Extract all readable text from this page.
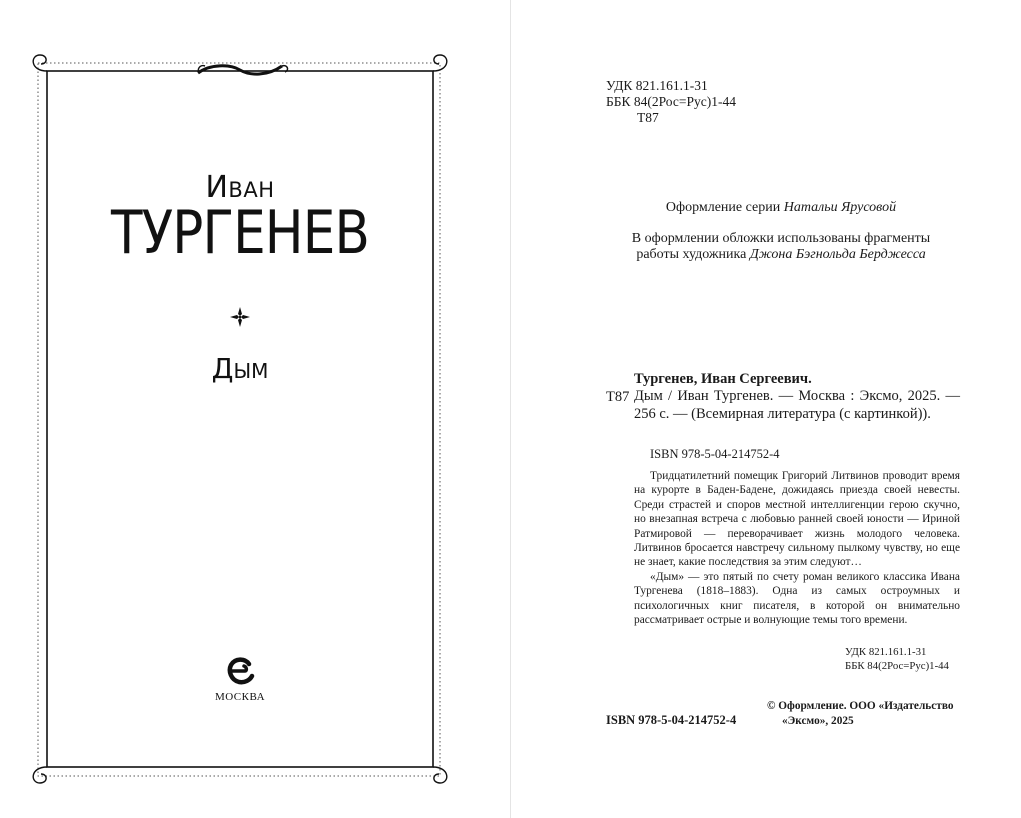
Иван
ТУРГЕНЕВ
Дым
МОСКВА
УДК 821.161.1-31
ББК 84(2Рос=Рус)1-44
Т87
Оформление серии Натальи Ярусовой
В оформлении обложки использованы фрагменты
работы художника Джона Бэгнольда Берджесса
Тургенев, Иван Сергеевич.
Т87 Дым / Иван Тургенев. — Москва : Эксмо, 2025. — 256 с. — (Всемирная литература (с картинкой)).
ISBN 978-5-04-214752-4

Тридцатилетний помещик Григорий Литвинов проводит время на курорте в Баден-Бадене, дожидаясь приезда своей невесты. Среди страстей и споров местной интеллигенции герою скучно, но внезапная встреча с любовью ранней своей юности — Ириной Ратмировой — переворачивает жизнь молодого человека. Литвинов бросается навстречу сильному пылкому чувству, но еще не знает, какие последствия за этим следуют…

«Дым» — это пятый по счету роман великого классика Ивана Тургенева (1818–1883). Одна из самых остроумных и психологичных книг писателя, в которой он внимательно рассматривает острые и волнующие темы того времени.

УДК 821.161.1-31
ББК 84(2Рос=Рус)1-44
© Оформление. ООО «Издательство
«Эксмо», 2025
ISBN 978-5-04-214752-4
